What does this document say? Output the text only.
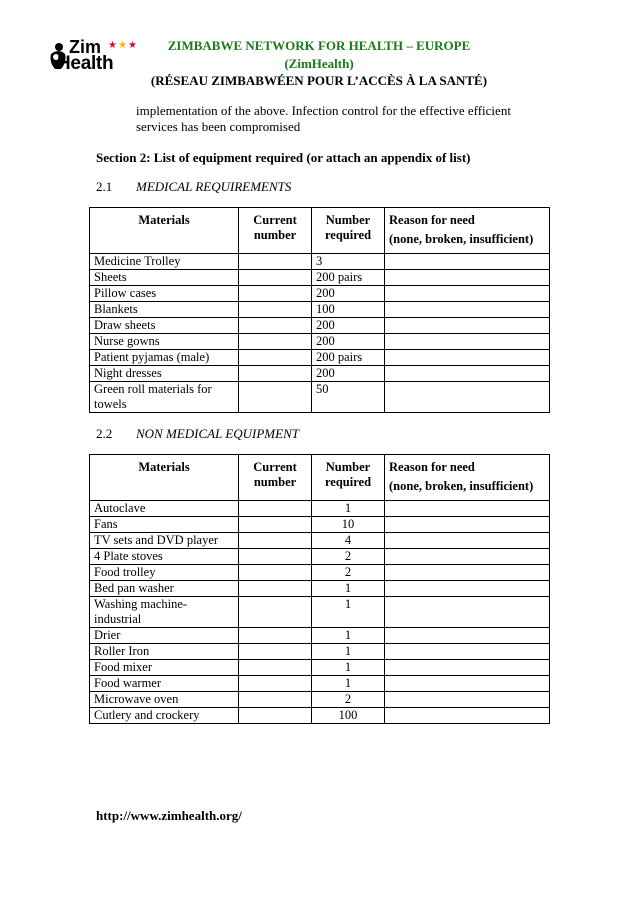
Zim ★★★
Health
ZIMBABWE NETWORK FOR HEALTH – EUROPE
(ZimHealth)
(RÉSEAU ZIMBABWÉEN POUR L’ACCÈS À LA SANTÉ)
implementation of the above. Infection control for the effective efficient services has been compromised
Section 2: List of equipment required (or attach an appendix of list)
2.1 MEDICAL REQUIREMENTS
Materials	Current number	Number required	Reason for need
(none, broken, insufficient)

Medicine Trolley		3	
Sheets		200 pairs	
Pillow cases		200	
Blankets		100	
Draw sheets		200	
Nurse gowns		200	
Patient pyjamas (male)		200 pairs	
Night dresses		200	
Green roll materials for towels		50	
2.2 NON MEDICAL EQUIPMENT
Materials	Current number	Number required	Reason for need
(none, broken, insufficient)

Autoclave		1	
Fans		10	
TV sets and DVD player		4	
4 Plate stoves		2	
Food trolley		2	
Bed pan washer		1	
Washing machine-industrial		1	
Drier		1	
Roller Iron		1	
Food mixer		1	
Food warmer		1	
Microwave oven		2	
Cutlery and crockery		100	
http://www.zimhealth.org/
